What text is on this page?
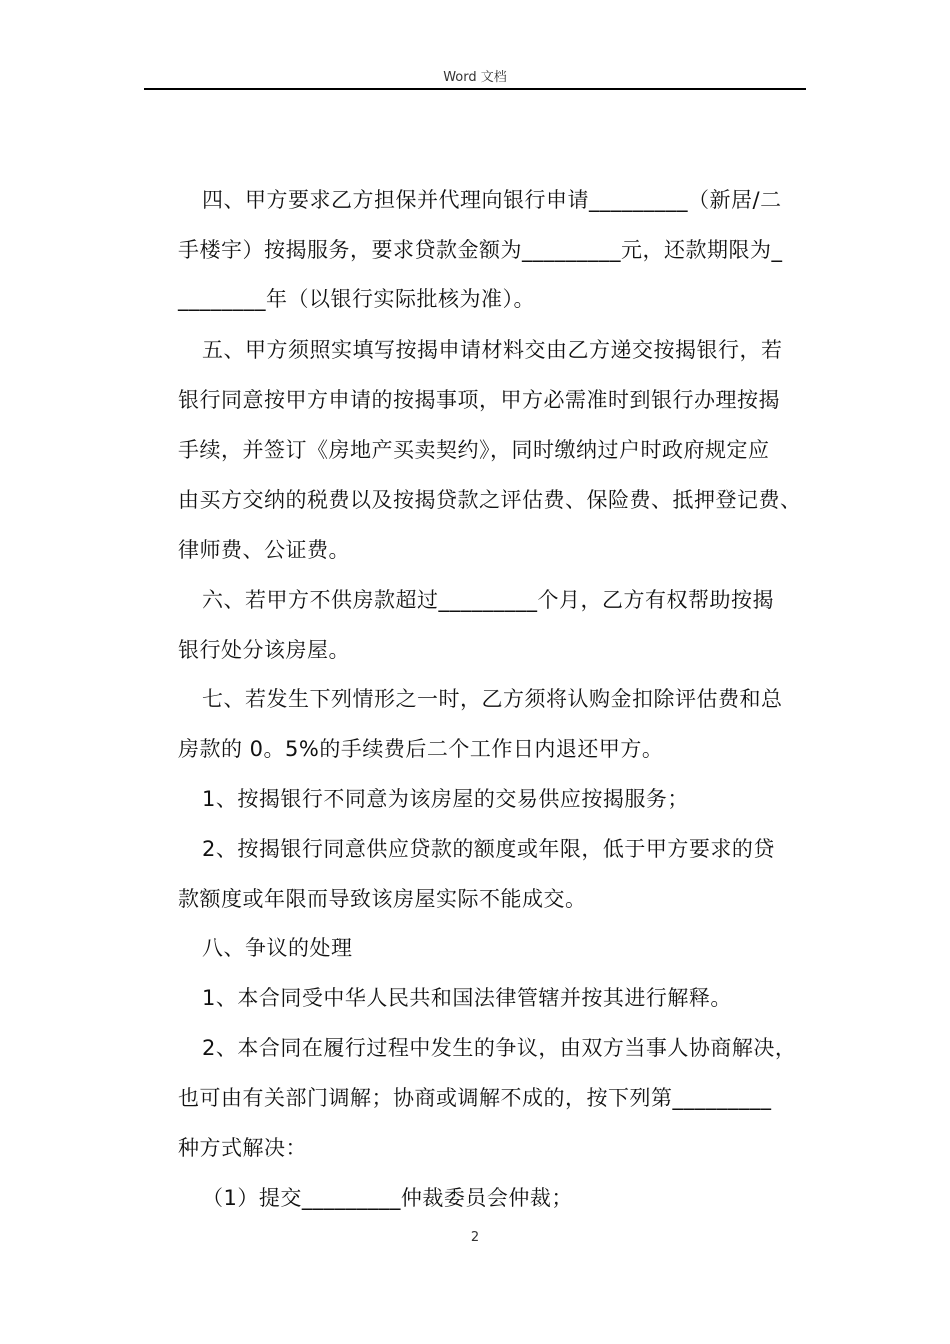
Word 文档
四、甲方要求乙方担保并代理向银行申请_________（新居/二
手楼宇）按揭服务，要求贷款金额为_________元，还款期限为_
________年（以银行实际批核为准）。
五、甲方须照实填写按揭申请材料交由乙方递交按揭银行，若
银行同意按甲方申请的按揭事项，甲方必需准时到银行办理按揭
手续，并签订《房地产买卖契约》，同时缴纳过户时政府规定应
由买方交纳的税费以及按揭贷款之评估费、保险费、抵押登记费、
律师费、公证费。
六、若甲方不供房款超过_________个月，乙方有权帮助按揭
银行处分该房屋。
七、若发生下列情形之一时，乙方须将认购金扣除评估费和总
房款的 0。5%的手续费后二个工作日内退还甲方。
1、按揭银行不同意为该房屋的交易供应按揭服务；
2、按揭银行同意供应贷款的额度或年限，低于甲方要求的贷
款额度或年限而导致该房屋实际不能成交。
八、争议的处理
1、本合同受中华人民共和国法律管辖并按其进行解释。
2、本合同在履行过程中发生的争议，由双方当事人协商解决，
也可由有关部门调解；协商或调解不成的，按下列第_________
种方式解决：
（1）提交_________仲裁委员会仲裁；
2
